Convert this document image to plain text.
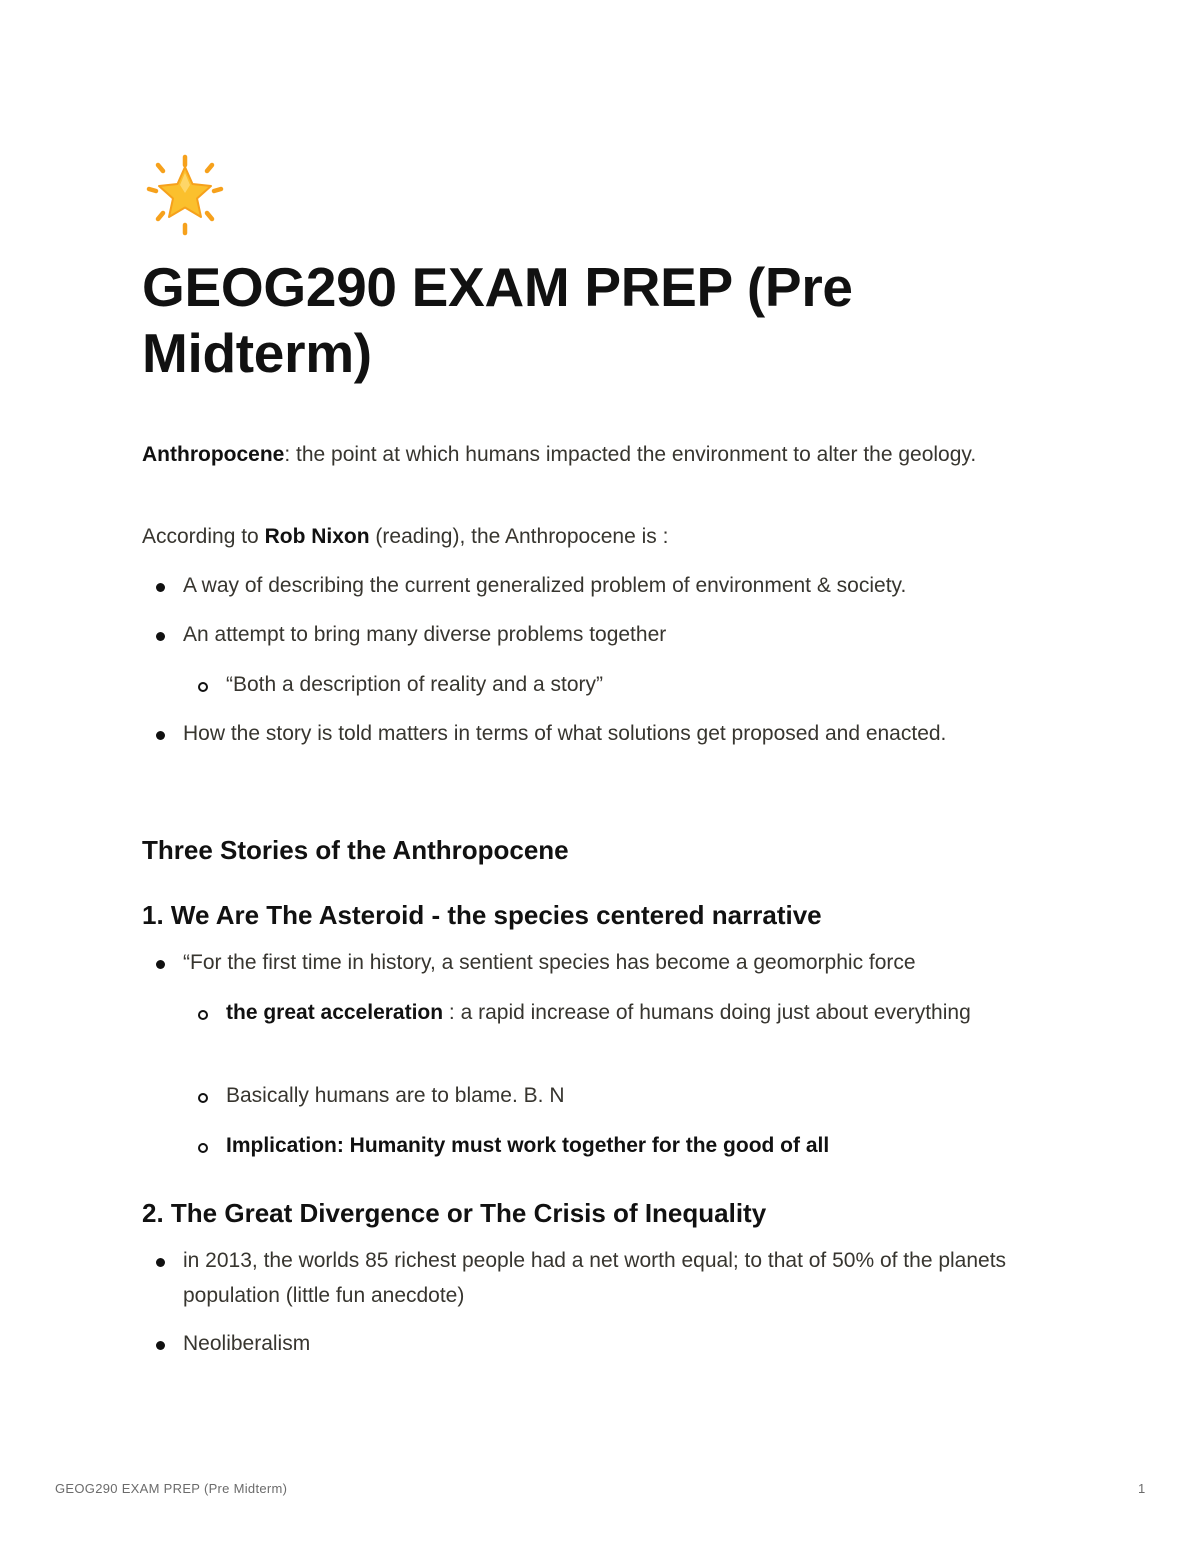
GEOG290 EXAM PREP (Pre Midterm)

Anthropocene: the point at which humans impacted the environment to alter the geology.

According to Rob Nixon (reading), the Anthropocene is :

A way of describing the current generalized problem of environment & society.

An attempt to bring many diverse problems together

“Both a description of reality and a story”

How the story is told matters in terms of what solutions get proposed and enacted.

Three Stories of the Anthropocene
1. We Are The Asteroid - the species centered narrative

“For the first time in history, a sentient species has become a geomorphic force

the great acceleration : a rapid increase of humans doing just about everything

Basically humans are to blame. B. N

Implication: Humanity must work together for the good of all

2. The Great Divergence or The Crisis of Inequality

in 2013, the worlds 85 richest people had a net worth equal; to that of 50% of the planets population (little fun anecdote)

Neoliberalism

GEOG290 EXAM PREP (Pre Midterm)	1
